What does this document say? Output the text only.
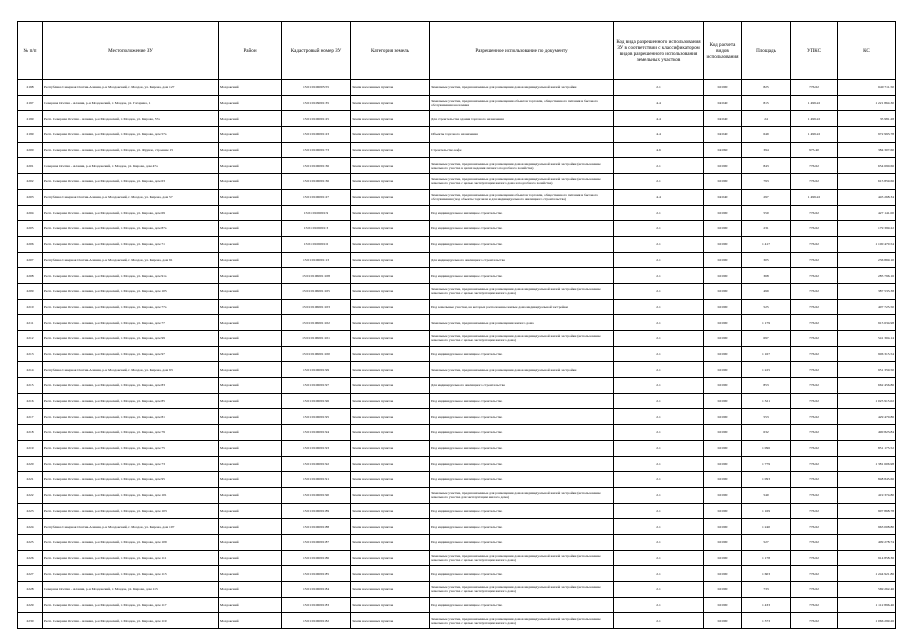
№ п/п	Местоположение ЗУ	Район	Кадастровый номер ЗУ	Категория земель	Разрешенное использование по документу	Код вида разрешенного использования ЗУ в соответствии с классификатором видов разрешенного использования земельных участков	Код расчета видов использования	Площадь	УПКС	КС
2198	Республика Северная Осетия-Алания, р-н Моздокский, г. Моздок, ул. Кирова, дом 127	Моздокский	15:01:0106005:55	Земли населенных пунктов	Земельные участки, предназначенные для размещения домов индивидуальной жилой застройки	2.1	02:000	825	776.62	640 711.50
2197	Северная Осетия - Алания, р-н Моздокский, г. Моздок, ул. Гагарина, 1	Моздокский	15:01:0109001:35	Земли населенных пунктов	Земельные участки, предназначенные для размещения объектов торговли, общественного питания и бытового обслуживания населения	4.4	04:040	815	1 499.22	1 221 864.30
2199	Респ. Северная Осетия - Алания, р-н Моздокский, г. Моздок, ул. Кирова, 57а	Моздокский	15:01:0106001:25	Земли населенных пунктов	Для строительства здания торгового назначения	4.4	04:040	24	1 499.22	35 981.28
2199	Респ. Северная Осетия - Алания, р-н Моздокский, г. Моздок, ул. Кирова, дом 57а	Моздокский	15:01:0106001:23	Земли населенных пунктов	Объекты торгового назначения	4.4	04:040	649	1 499.22	972 993.78
2200	Респ. Северная Осетия - Алания, р-н Моздокский, г. Моздок, ул. Фрунзе, строение 15	Моздокский	15:01:0106001:73	Земли населенных пунктов	Строительство кафе	4.6	04:060	394	975.40	384 307.60
2201	Северная Осетия - Алания, р-н Моздокский, г. Моздок, ул. Кирова, дом 47а	Моздокский	15:01:0106001:36	Земли населенных пунктов	Земельные участки, предназначенные для размещения домов индивидуальной жилой застройки (использование земельного участка в целях ведения личного подсобного хозяйства)	2.1	02:000	843	776.62	654 690.66
2202	Респ. Северная Осетия - Алания, р-н Моздокский, г. Моздок, ул. Кирова, дом 63	Моздокский	15:01:0106001:36	Земли населенных пунктов	Земельные участки, предназначенные для размещения домов индивидуальной жилой застройки (использование земельного участка с целью эксплуатации жилого дома и подсобного хозяйства)	2.1	02:000	793	776.62	615 859.66
2203	Республика Северная Осетия-Алания, р-н Моздокский, г. Моздок, ул. Кирова, дом 57	Моздокский	15:01:0106001:27	Земли населенных пунктов	Земельные участки, предназначенные для размещения объектов торговли, общественного питания и бытового обслуживания (под объекты торговли и для индивидуального жилищного строительства)	4.4	04:040	297	1 499.22	445 268.34
2204	Респ. Северная Осетия - Алания, р-н Моздокский, г. Моздок, ул. Кирова, дом 69	Моздокский	15:01:0106001:9	Земли населенных пунктов	Под индивидуальное жилищное строительство	2.1	02:000	550	776.62	427 141.00
2205	Респ. Северная Осетия - Алания, р-н Моздокский, г. Моздок, ул. Кирова, дом 87а	Моздокский	15:01:0106001:3	Земли населенных пунктов	Под индивидуальное жилищное строительство	2.1	02:000	231	776.62	179 399.22
2206	Респ. Северная Осетия - Алания, р-н Моздокский, г. Моздок, ул. Кирова, дом 71	Моздокский	15:01:0106001:6	Земли населенных пунктов	Под индивидуальное жилищное строительство	2.1	02:000	1 417	776.62	1 100 470.54
2207	Республика Северная Осетия-Алания, р-н Моздокский, г. Моздок, ул. Кирова, дом 91	Моздокский	15:01:0106001:13	Земли населенных пунктов	Для индивидуального жилищного строительства	2.1	02:000	305	776.62	236 869.10
2208	Респ. Северная Осетия - Алания, р-н Моздокский, г. Моздок, ул. Кирова, дом 91а	Моздокский	15:01:0106001:108	Земли населенных пунктов	Под индивидуальное жилищное строительство	2.1	02:000	368	776.62	285 796.16
2209	Респ. Северная Осетия - Алания, р-н Моздокский, г. Моздок, ул. Кирова, дом 105	Моздокский	15:01:0106001:105	Земли населенных пунктов	Земельные участки, предназначенные для размещения домов индивидуальной жилой застройки (использование земельного участка с целью эксплуатации жилого дома)	2.1	02:000	499	776.62	387 533.38
2210	Респ. Северная Осетия - Алания, р-н Моздокский, г. Моздок, ул. Кирова, дом 77а	Моздокский	15:01:0106001:103	Земли населенных пунктов	Под земельные участки, на которых расположены жилые дома индивидуальной застройки	2.1	02:000	525	776.62	407 725.50
2211	Респ. Северная Осетия - Алания, р-н Моздокский, г. Моздок, ул. Кирова, дом 77	Моздокский	15:01:0106001:102	Земли населенных пунктов	Земельные участки, предназначенные для размещения жилого дома	2.1	02:000	1 179	776.62	915 634.98
2212	Респ. Северная Осетия - Алания, р-н Моздокский, г. Моздок, ул. Кирова, дом 99	Моздокский	15:01:0106001:101	Земли населенных пунктов	Земельные участки, предназначенные для размещения домов индивидуальной жилой застройки (использование земельного участка с целью эксплуатации жилого дома)	2.1	02:000	697	776.62	541 304.14
2213	Респ. Северная Осетия - Алания, р-н Моздокский, г. Моздок, ул. Кирова, дом 97	Моздокский	15:01:0106001:100	Земли населенных пунктов	Под индивидуальное жилищное строительство	2.1	02:000	1 167	776.62	906 315.54
2214	Республика Северная Осетия-Алания, р-н Моздокский, г. Моздок, ул. Кирова, дом 93	Моздокский	15:01:0106001:99	Земли населенных пунктов	Земельные участки, предназначенные для размещения домов индивидуальной жилой застройки	2.1	02:000	1 225	776.62	951 359.50
2215	Респ. Северная Осетия - Алания, р-н Моздокский, г. Моздок, ул. Кирова, дом 83	Моздокский	15:01:0106001:97	Земли населенных пунктов	Для индивидуального жилищного строительства	2.1	02:000	853	776.62	662 456.86
2216	Респ. Северная Осетия - Алания, р-н Моздокский, г. Моздок, ул. Кирова, дом 85	Моздокский	15:01:0106001:96	Земли населенных пунктов	Под индивидуальное жилищное строительство	2.1	02:000	1 321	776.62	1 025 915.02
2217	Респ. Северная Осетия - Алания, р-н Моздокский, г. Моздок, ул. Кирова, дом 81	Моздокский	15:01:0106001:95	Земли населенных пунктов	Под индивидуальное жилищное строительство	2.1	02:000	553	776.62	429 470.86
2218	Респ. Северная Осетия - Алания, р-н Моздокский, г. Моздок, ул. Кирова, дом 79	Моздокский	15:01:0106001:94	Земли населенных пунктов	Под индивидуальное жилищное строительство	2.1	02:000	632	776.62	490 823.84
2219	Респ. Северная Осетия - Алания, р-н Моздокский, г. Моздок, ул. Кирова, дом 75	Моздокский	15:01:0106001:93	Земли населенных пунктов	Под индивидуальное жилищное строительство	2.1	02:000	1 096	776.62	851 175.52
2220	Респ. Северная Осетия - Алания, р-н Моздокский, г. Моздок, ул. Кирова, дом 73	Моздокский	15:01:0106001:92	Земли населенных пунктов	Под индивидуальное жилищное строительство	2.1	02:000	1 779	776.62	1 381 606.98
2221	Респ. Северная Осетия - Алания, р-н Моздокский, г. Моздок, ул. Кирова, дом 95	Моздокский	15:01:0106001:91	Земли населенных пунктов	Под индивидуальное жилищное строительство	2.1	02:000	1 093	776.62	848 845.66
2222	Респ. Северная Осетия - Алания, р-н Моздокский, г. Моздок, ул. Кирова, дом 101	Моздокский	15:01:0106001:90	Земли населенных пунктов	Земельные участки, предназначенные для размещения домов индивидуальной жилой застройки (использование земельного участка для эксплуатации жилого дома)	2.1	02:000	540	776.62	419 374.80
2223	Респ. Северная Осетия - Алания, р-н Моздокский, г. Моздок, ул. Кирова, дом 103	Моздокский	15:01:0106001:89	Земли населенных пунктов	Под индивидуальное жилищное строительство	2.1	02:000	1 169	776.62	907 868.78
2224	Республика Северная Осетия-Алания, р-н Моздокский, г. Моздок, ул. Кирова, дом 107	Моздокский	15:01:0106001:88	Земли населенных пунктов	Под индивидуальное жилищное строительство	2.1	02:000	1 240	776.62	963 008.80
2225	Респ. Северная Осетия - Алания, р-н Моздокский, г. Моздок, ул. Кирова, дом 109	Моздокский	15:01:0106001:87	Земли населенных пунктов	Под индивидуальное жилищное строительство	2.1	02:000	527	776.62	409 278.74
2226	Респ. Северная Осетия - Алания, р-н Моздокский, г. Моздок, ул. Кирова, дом 111	Моздокский	15:01:0106001:86	Земли населенных пунктов	Земельные участки, предназначенные для размещения домов индивидуальной жилой застройки (использование земельного участка с целью эксплуатации жилого дома)	2.1	02:000	1 178	776.62	914 858.36
2227	Респ. Северная Осетия - Алания, р-н Моздокский, г. Моздок, ул. Кирова, дом 113	Моздокский	15:01:0106001:85	Земли населенных пунктов	Под индивидуальное жилищное строительство	2.1	02:000	1 603	776.62	1 244 921.86
2228	Северная Осетия - Алания, р-н Моздокский, г. Моздок, ул. Кирова, дом 115	Моздокский	15:01:0106001:84	Земли населенных пунктов	Земельные участки, предназначенные для размещения домов индивидуальной жилой застройки (использование земельного участка с целью эксплуатации жилого дома)	2.1	02:000	733	776.62	569 262.46
2229	Респ. Северная Осетия - Алания, р-н Моздокский, г. Моздок, ул. Кирова, дом 117	Моздокский	15:01:0106001:83	Земли населенных пунктов	Под индивидуальное жилищное строительство	2.1	02:000	1 433	776.62	1 112 896.46
2230	Респ. Северная Осетия - Алания, р-н Моздокский, г. Моздок, ул. Кирова, дом 119	Моздокский	15:01:0106001:82	Земли населенных пунктов	Земельные участки, предназначенные для размещения домов индивидуальной жилой застройки (использование земельного участка с целью эксплуатации жилого дома)	2.1	02:000	1 373	776.62	1 066 299.26
